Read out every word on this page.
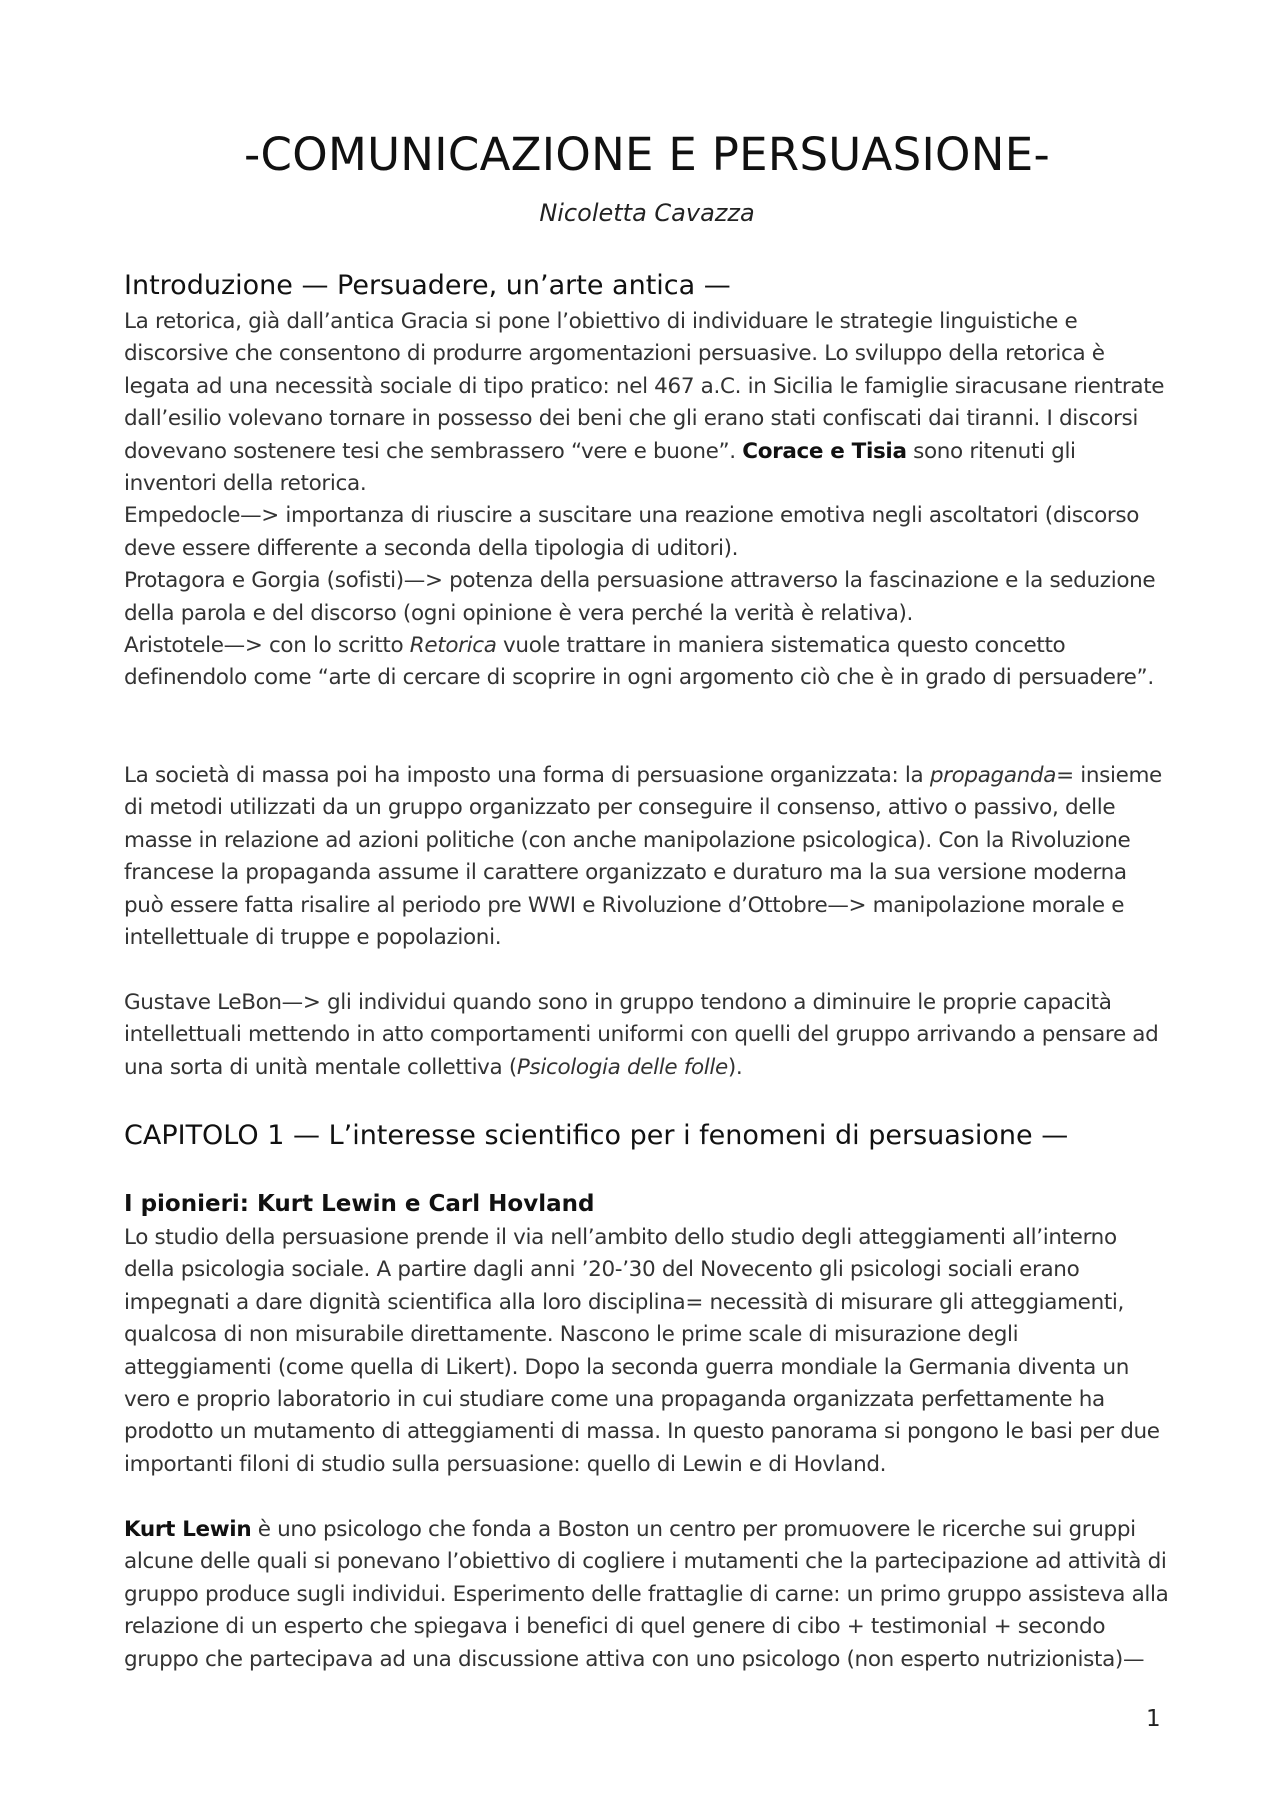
-COMUNICAZIONE E PERSUASIONE-
Nicoletta Cavazza
Introduzione — Persuadere, un’arte antica —

La retorica, già dall’antica Gracia si pone l’obiettivo di individuare le strategie linguistiche e discorsive che consentono di produrre argomentazioni persuasive. Lo sviluppo della retorica è legata ad una necessità sociale di tipo pratico: nel 467 a.C. in Sicilia le famiglie siracusane rientrate dall’esilio volevano tornare in possesso dei beni che gli erano stati confiscati dai tiranni. I discorsi dovevano sostenere tesi che sembrassero “vere e buone”. Corace e Tisia sono ritenuti gli inventori della retorica.
Empedocle—> importanza di riuscire a suscitare una reazione emotiva negli ascoltatori (discorso deve essere differente a seconda della tipologia di uditori).
Protagora e Gorgia (sofisti)—> potenza della persuasione attraverso la fascinazione e la seduzione della parola e del discorso (ogni opinione è vera perché la verità è relativa).
Aristotele—> con lo scritto Retorica vuole trattare in maniera sistematica questo concetto definendolo come “arte di cercare di scoprire in ogni argomento ciò che è in grado di persuadere”.

La società di massa poi ha imposto una forma di persuasione organizzata: la propaganda= insieme di metodi utilizzati da un gruppo organizzato per conseguire il consenso, attivo o passivo, delle masse in relazione ad azioni politiche (con anche manipolazione psicologica). Con la Rivoluzione francese la propaganda assume il carattere organizzato e duraturo ma la sua versione moderna può essere fatta risalire al periodo pre WWI e Rivoluzione d’Ottobre—> manipolazione morale e intellettuale di truppe e popolazioni.

Gustave LeBon—> gli individui quando sono in gruppo tendono a diminuire le proprie capacità intellettuali mettendo in atto comportamenti uniformi con quelli del gruppo arrivando a pensare ad una sorta di unità mentale collettiva (Psicologia delle folle).

CAPITOLO 1 — L’interesse scientifico per i fenomeni di persuasione —
I pionieri: Kurt Lewin e Carl Hovland

Lo studio della persuasione prende il via nell’ambito dello studio degli atteggiamenti all’interno della psicologia sociale. A partire dagli anni ’20-’30 del Novecento gli psicologi sociali erano impegnati a dare dignità scientifica alla loro disciplina= necessità di misurare gli atteggiamenti, qualcosa di non misurabile direttamente. Nascono le prime scale di misurazione degli atteggiamenti (come quella di Likert). Dopo la seconda guerra mondiale la Germania diventa un vero e proprio laboratorio in cui studiare come una propaganda organizzata perfettamente ha prodotto un mutamento di atteggiamenti di massa. In questo panorama si pongono le basi per due importanti filoni di studio sulla persuasione: quello di Lewin e di Hovland.

Kurt Lewin è uno psicologo che fonda a Boston un centro per promuovere le ricerche sui gruppi alcune delle quali si ponevano l’obiettivo di cogliere i mutamenti che la partecipazione ad attività di gruppo produce sugli individui. Esperimento delle frattaglie di carne: un primo gruppo assisteva alla relazione di un esperto che spiegava i benefici di quel genere di cibo + testimonial + secondo gruppo che partecipava ad una discussione attiva con uno psicologo (non esperto nutrizionista)—

1
